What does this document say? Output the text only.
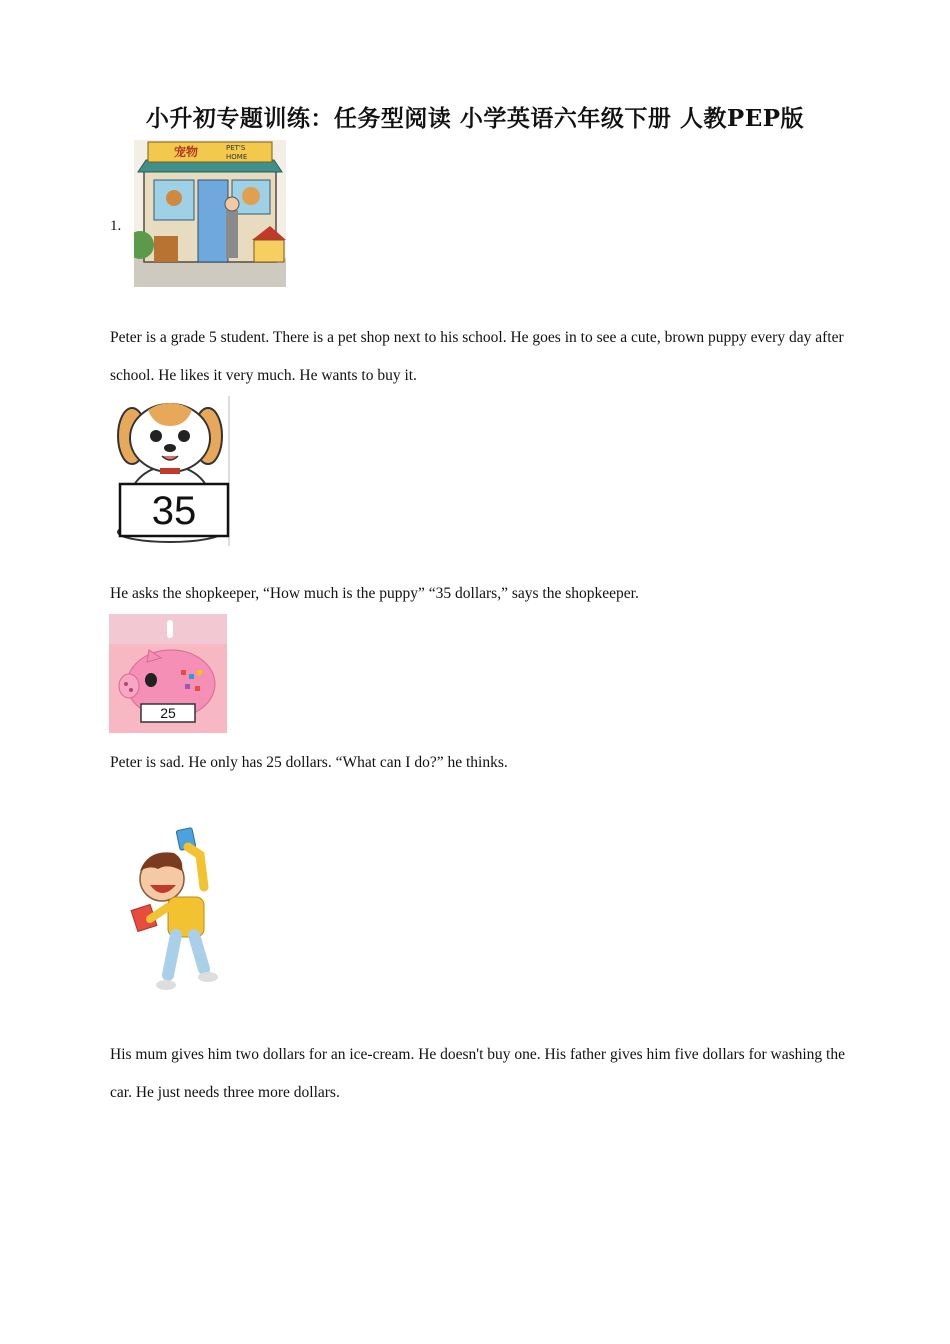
小升初专题训练：任务型阅读 小学英语六年级下册 人教PEP版
1.
宠物	PET'S
HOME
Peter is a grade 5 student. There is a pet shop next to his school. He goes in to see a cute, brown puppy every day after school. He likes it very much. He wants to buy it.
35
He asks the shopkeeper, “How much is the puppy” “35 dollars,” says the shopkeeper.
25
Peter is sad. He only has 25 dollars. “What can I do?” he thinks.
His mum gives him two dollars for an ice-cream. He doesn't buy one. His father gives him five dollars for washing the car. He just needs three more dollars.
